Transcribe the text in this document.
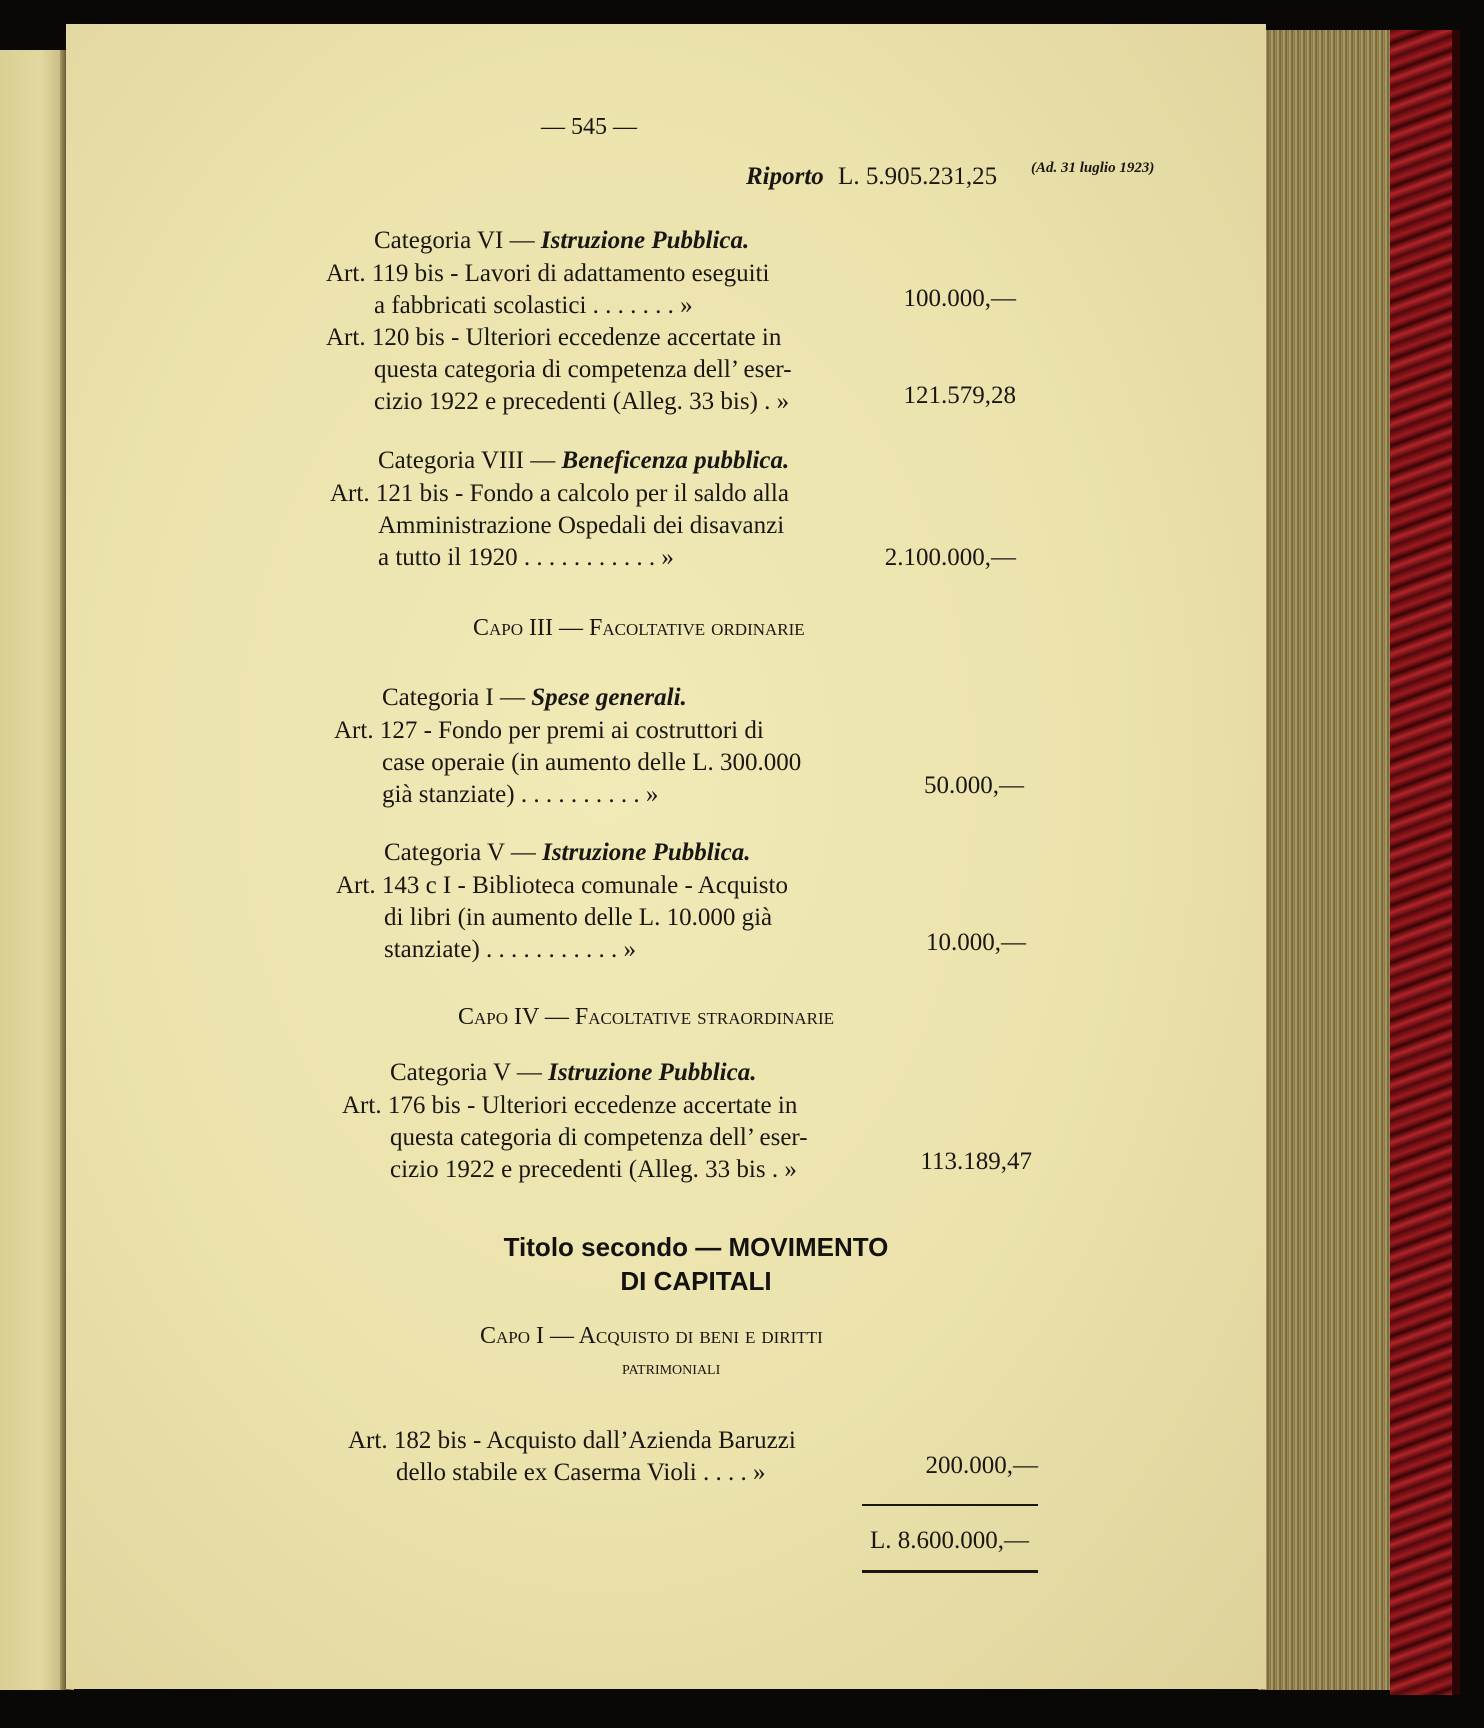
— 545 —
Riporto L. 5.905.231,25 (Ad. 31 luglio 1923)
Categoria VI — Istruzione Pubblica.
Art. 119 bis - Lavori di adattamento eseguiti
a fabbricati scolastici . . . . . . . »	100.000,—
Art. 120 bis - Ulteriori eccedenze accertate in
questa categoria di competenza dell’ eser-
cizio 1922 e precedenti (Alleg. 33 bis) . »	121.579,28
Categoria VIII — Beneficenza pubblica.
Art. 121 bis - Fondo a calcolo per il saldo alla
Amministrazione Ospedali dei disavanzi
a tutto il 1920 . . . . . . . . . . . »	2.100.000,—
Capo III — Facoltative ordinarie
Categoria I — Spese generali.
Art. 127 - Fondo per premi ai costruttori di
case operaie (in aumento delle L. 300.000
già stanziate) . . . . . . . . . . »	50.000,—
Categoria V — Istruzione Pubblica.
Art. 143 c I - Biblioteca comunale - Acquisto
di libri (in aumento delle L. 10.000 già
stanziate) . . . . . . . . . . . »	10.000,—
Capo IV — Facoltative straordinarie
Categoria V — Istruzione Pubblica.
Art. 176 bis - Ulteriori eccedenze accertate in
questa categoria di competenza dell’ eser-
cizio 1922 e precedenti (Alleg. 33 bis . »	113.189,47
Titolo secondo — MOVIMENTO
DI CAPITALI
Capo I — Acquisto di beni e diritti
patrimoniali
Art. 182 bis - Acquisto dall’Azienda Baruzzi
dello stabile ex Caserma Violi . . . . »	200.000,—
L. 8.600.000,—
